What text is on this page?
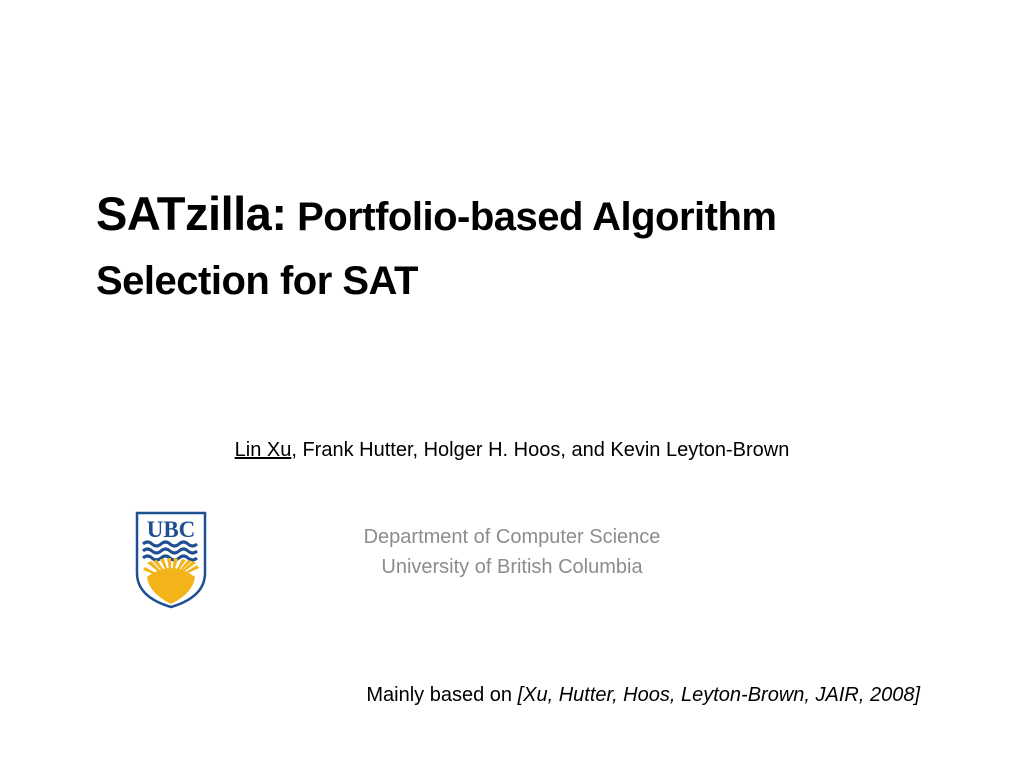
SATzilla: Portfolio-based Algorithm
Selection for SAT
Lin Xu, Frank Hutter, Holger H. Hoos, and Kevin Leyton-Brown
UBC	Department of Computer Science
University of British Columbia
Mainly based on [Xu, Hutter, Hoos, Leyton-Brown, JAIR, 2008]
